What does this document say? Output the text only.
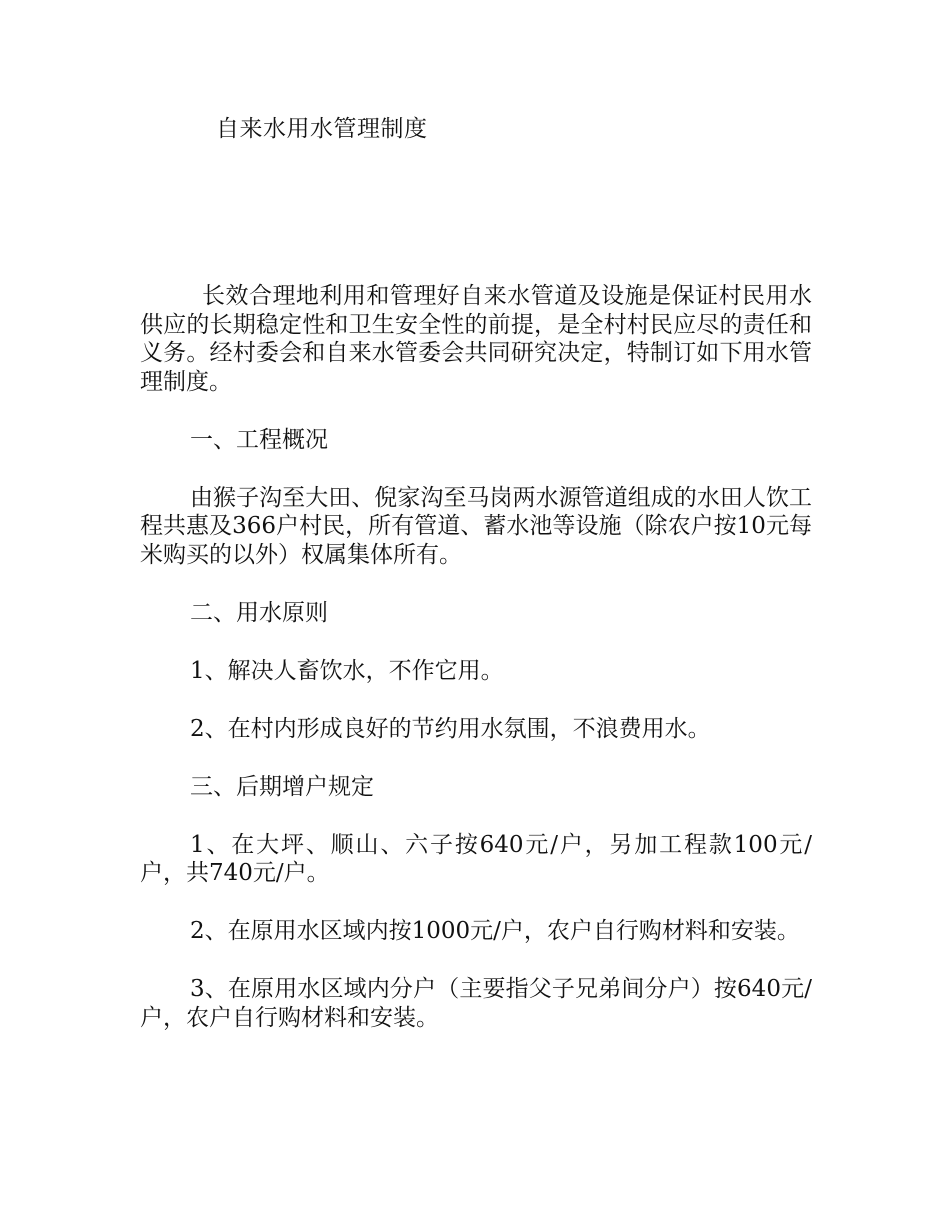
自来水用水管理制度

长效合理地利用和管理好自来水管道及设施是保证村民用水供应的长期稳定性和卫生安全性的前提，是全村村民应尽的责任和义务。经村委会和自来水管委会共同研究决定，特制订如下用水管理制度。

一、工程概况

由猴子沟至大田、倪家沟至马岗两水源管道组成的水田人饮工程共惠及366户村民，所有管道、蓄水池等设施（除农户按10元每米购买的以外）权属集体所有。

二、用水原则

1、解决人畜饮水，不作它用。

2、在村内形成良好的节约用水氛围，不浪费用水。

三、后期增户规定

1、在大坪、顺山、六子按640元/户，另加工程款100元/户，共740元/户。

2、在原用水区域内按1000元/户，农户自行购材料和安装。

3、在原用水区域内分户（主要指父子兄弟间分户）按640元/户，农户自行购材料和安装。
